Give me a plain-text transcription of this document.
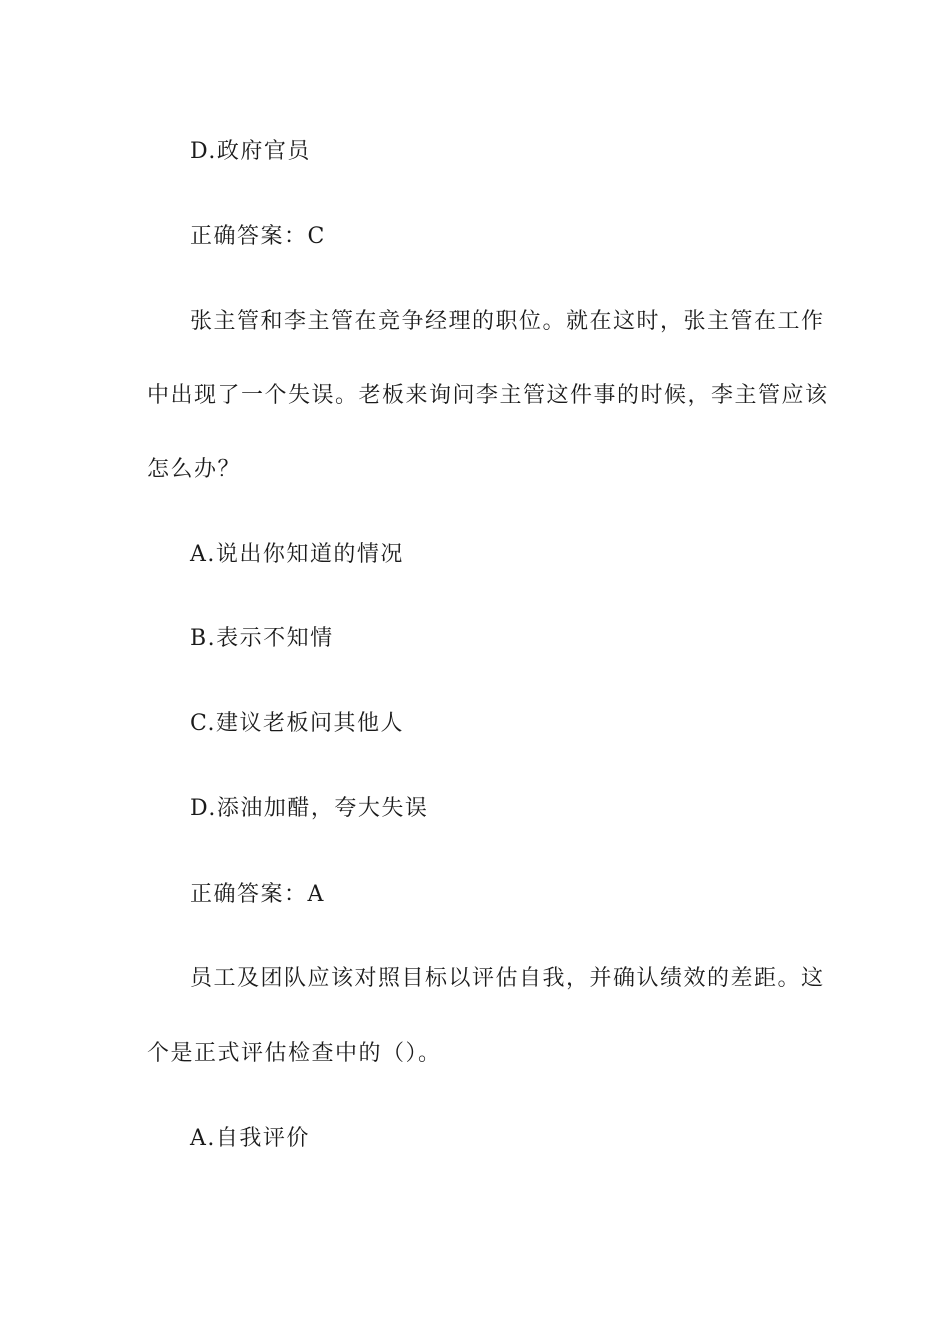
D.政府官员
正确答案：C
张主管和李主管在竞争经理的职位。就在这时，张主管在工作
中出现了一个失误。老板来询问李主管这件事的时候，李主管应该
怎么办？
A.说出你知道的情况
B.表示不知情
C.建议老板问其他人
D.添油加醋，夸大失误
正确答案：A
员工及团队应该对照目标以评估自我，并确认绩效的差距。这
个是正式评估检查中的（）。
A.自我评价
